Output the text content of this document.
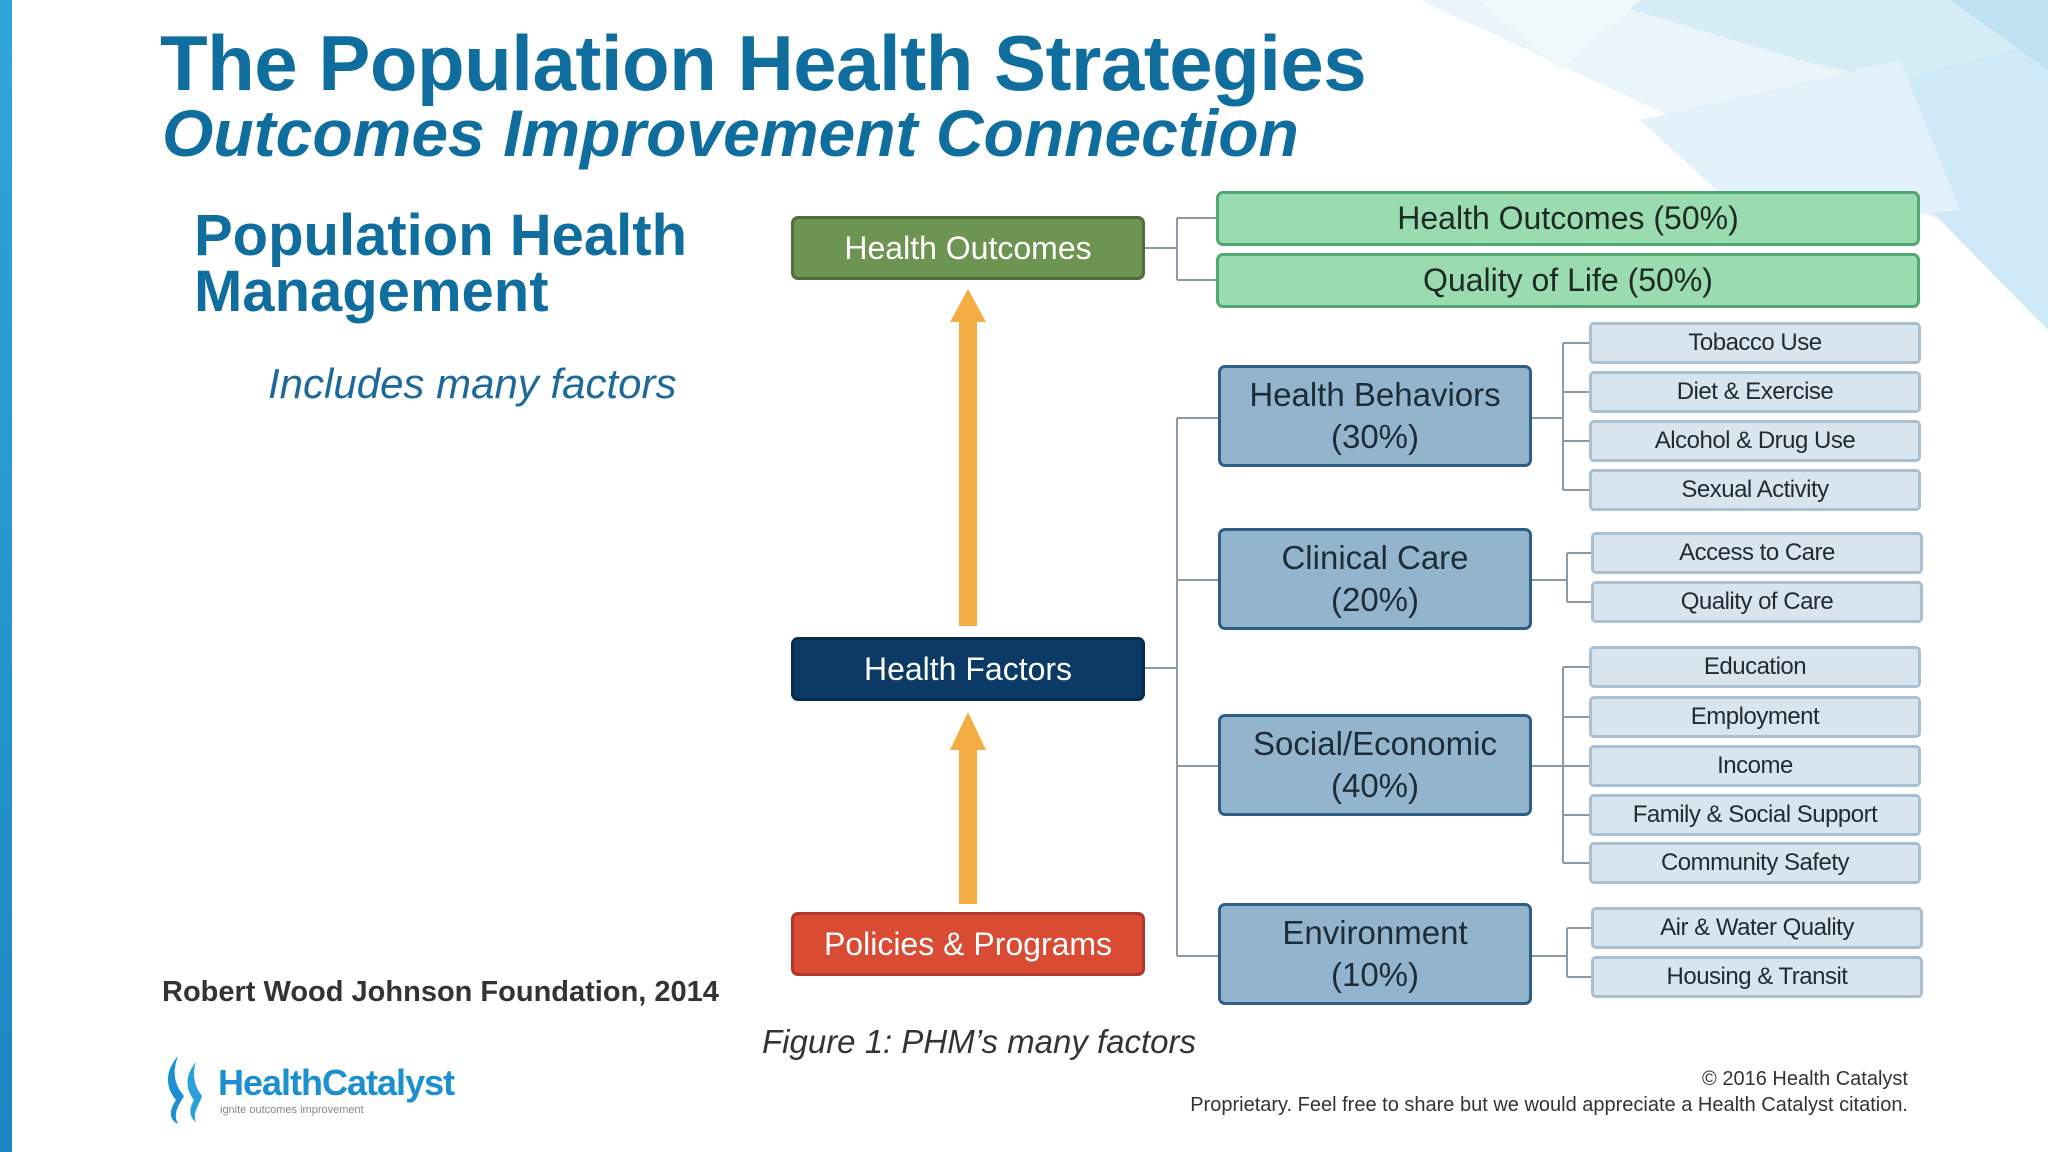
The Population Health Strategies
Outcomes Improvement Connection
Population Health Management
Includes many factors
Health Outcomes
Health Factors
Policies & Programs
Health Outcomes (50%)
Quality of Life (50%)
Health Behaviors
(30%)
Clinical Care
(20%)
Social/Economic
(40%)
Environment
(10%)
Tobacco Use
Diet & Exercise
Alcohol & Drug Use
Sexual Activity
Access to Care
Quality of Care
Education
Employment
Income
Family & Social Support
Community Safety
Air & Water Quality
Housing & Transit
Robert Wood Johnson Foundation, 2014
Figure 1: PHM’s many factors
© 2016 Health Catalyst
Proprietary. Feel free to share but we would appreciate a Health Catalyst citation.
HealthCatalyst
ignite outcomes improvement
